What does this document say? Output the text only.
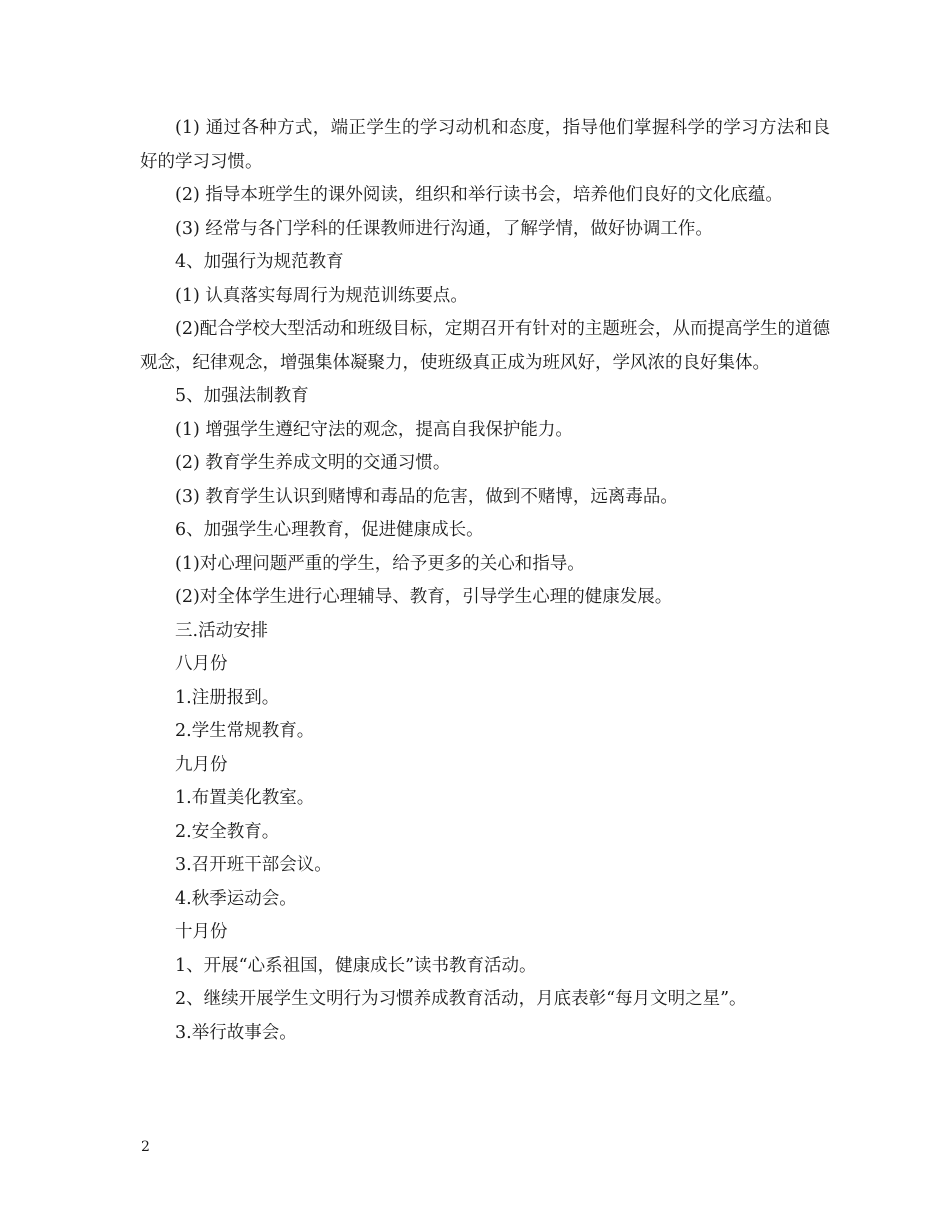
(1) 通过各种方式，端正学生的学习动机和态度，指导他们掌握科学的学习方法和良好的学习习惯。

(2) 指导本班学生的课外阅读，组织和举行读书会，培养他们良好的文化底蕴。

(3) 经常与各门学科的任课教师进行沟通，了解学情，做好协调工作。

4、加强行为规范教育

(1) 认真落实每周行为规范训练要点。

(2)配合学校大型活动和班级目标，定期召开有针对的主题班会，从而提高学生的道德观念，纪律观念，增强集体凝聚力，使班级真正成为班风好，学风浓的良好集体。

5、加强法制教育

(1) 增强学生遵纪守法的观念，提高自我保护能力。

(2) 教育学生养成文明的交通习惯。

(3) 教育学生认识到赌博和毒品的危害，做到不赌博，远离毒品。

6、加强学生心理教育，促进健康成长。

(1)对心理问题严重的学生，给予更多的关心和指导。

(2)对全体学生进行心理辅导、教育，引导学生心理的健康发展。

三.活动安排

八月份

1.注册报到。

2.学生常规教育。

九月份

1.布置美化教室。

2.安全教育。

3.召开班干部会议。

4.秋季运动会。

十月份

1、开展“心系祖国，健康成长”读书教育活动。

2、继续开展学生文明行为习惯养成教育活动，月底表彰“每月文明之星”。

3.举行故事会。

2
